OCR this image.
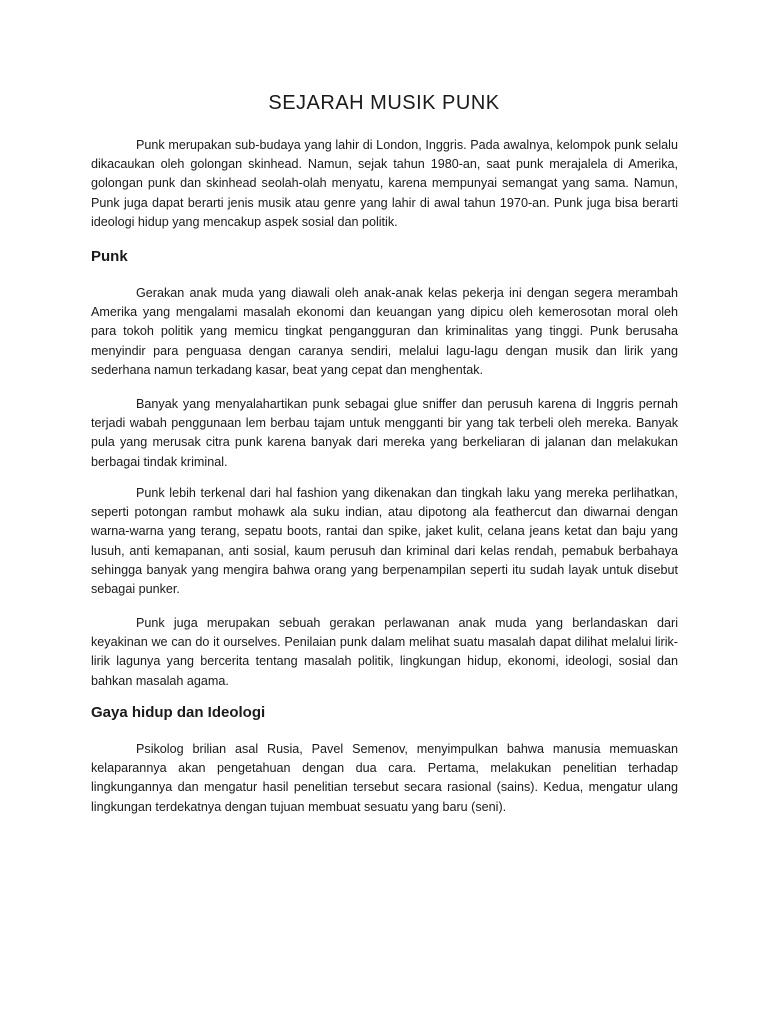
SEJARAH MUSIK PUNK

Punk merupakan sub-budaya yang lahir di London, Inggris. Pada awalnya, kelompok punk selalu dikacaukan oleh golongan skinhead. Namun, sejak tahun 1980-an, saat punk merajalela di Amerika, golongan punk dan skinhead seolah-olah menyatu, karena mempunyai semangat yang sama. Namun, Punk juga dapat berarti jenis musik atau genre yang lahir di awal tahun 1970-an. Punk juga bisa berarti ideologi hidup yang mencakup aspek sosial dan politik.

Punk

Gerakan anak muda yang diawali oleh anak-anak kelas pekerja ini dengan segera merambah Amerika yang mengalami masalah ekonomi dan keuangan yang dipicu oleh kemerosotan moral oleh para tokoh politik yang memicu tingkat pengangguran dan kriminalitas yang tinggi. Punk berusaha menyindir para penguasa dengan caranya sendiri, melalui lagu-lagu dengan musik dan lirik yang sederhana namun terkadang kasar, beat yang cepat dan menghentak.

Banyak yang menyalahartikan punk sebagai glue sniffer dan perusuh karena di Inggris pernah terjadi wabah penggunaan lem berbau tajam untuk mengganti bir yang tak terbeli oleh mereka. Banyak pula yang merusak citra punk karena banyak dari mereka yang berkeliaran di jalanan dan melakukan berbagai tindak kriminal.

Punk lebih terkenal dari hal fashion yang dikenakan dan tingkah laku yang mereka perlihatkan, seperti potongan rambut mohawk ala suku indian, atau dipotong ala feathercut dan diwarnai dengan warna-warna yang terang, sepatu boots, rantai dan spike, jaket kulit, celana jeans ketat dan baju yang lusuh, anti kemapanan, anti sosial, kaum perusuh dan kriminal dari kelas rendah, pemabuk berbahaya sehingga banyak yang mengira bahwa orang yang berpenampilan seperti itu sudah layak untuk disebut sebagai punker.

Punk juga merupakan sebuah gerakan perlawanan anak muda yang berlandaskan dari keyakinan we can do it ourselves. Penilaian punk dalam melihat suatu masalah dapat dilihat melalui lirik-lirik lagunya yang bercerita tentang masalah politik, lingkungan hidup, ekonomi, ideologi, sosial dan bahkan masalah agama.

Gaya hidup dan Ideologi

Psikolog brilian asal Rusia, Pavel Semenov, menyimpulkan bahwa manusia memuaskan kelaparannya akan pengetahuan dengan dua cara. Pertama, melakukan penelitian terhadap lingkungannya dan mengatur hasil penelitian tersebut secara rasional (sains). Kedua, mengatur ulang lingkungan terdekatnya dengan tujuan membuat sesuatu yang baru (seni).
